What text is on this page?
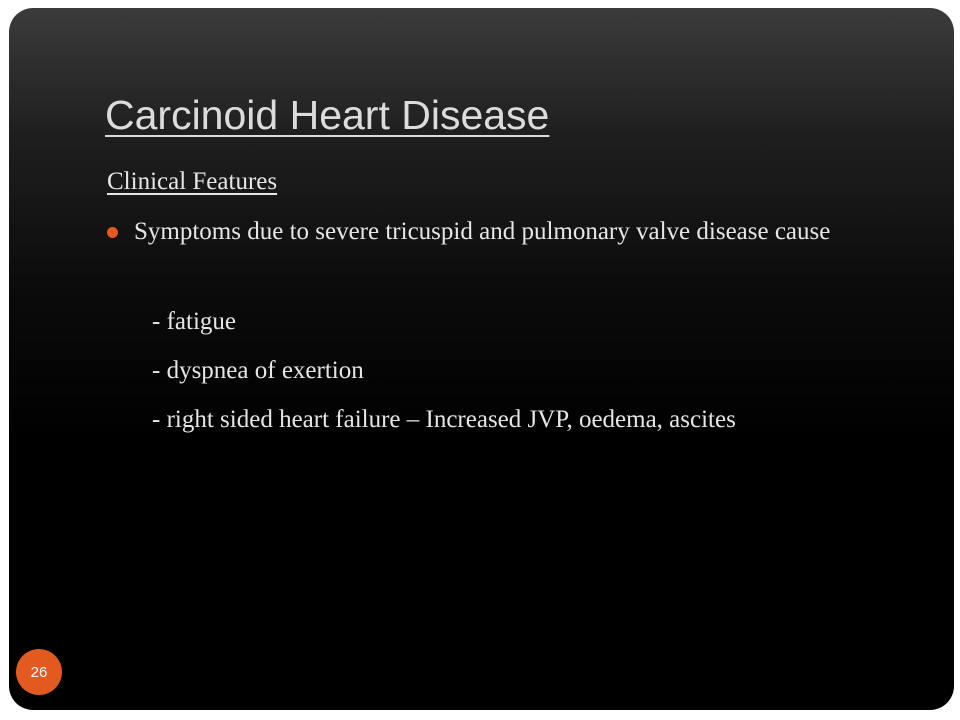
Carcinoid Heart Disease
Clinical Features
Symptoms due to severe tricuspid and pulmonary valve disease cause
- fatigue
- dyspnea of exertion
- right sided heart failure – Increased JVP, oedema, ascites
26
